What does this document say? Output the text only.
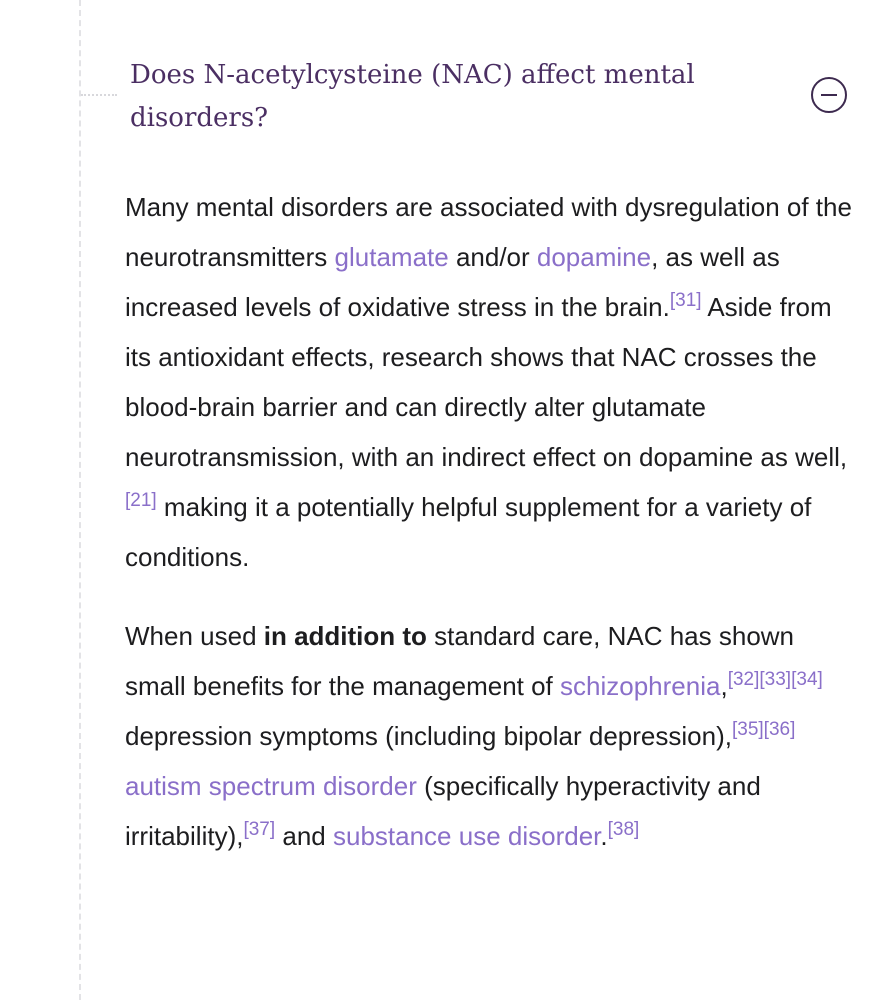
Does N-acetylcysteine (NAC) affect mental disorders?

Many mental disorders are associated with dysregulation of the neurotransmitters glutamate and/or dopamine, as well as increased levels of oxidative stress in the brain.[31] Aside from its antioxidant effects, research shows that NAC crosses the blood-brain barrier and can directly alter glutamate neurotransmission, with an indirect effect on dopamine as well,[21] making it a potentially helpful supplement for a variety of conditions.

When used in addition to standard care, NAC has shown small benefits for the management of schizophrenia,[32][33][34] depression symptoms (including bipolar depression),[35][36] autism spectrum disorder (specifically hyperactivity and irritability),[37] and substance use disorder.[38]
